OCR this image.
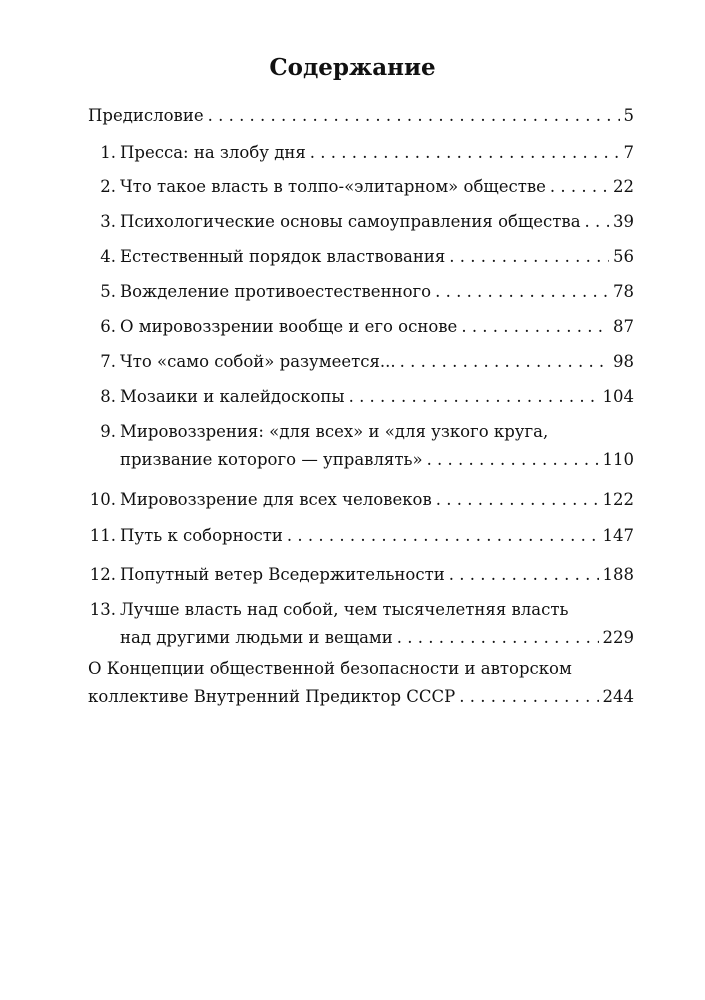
Содержание
Предисловие . . .	5
1. Пресса: на злобу дня . . .	7
2. Что такое власть в толпо-«элитарном» обществе . . .	22
3. Психологические основы самоуправления общества . . . 39
4. Естественный порядок властвования . . .	56
5. Вожделение противоестественного . . .	78
6. О мировоззрении вообще и его основе . . .	87
7. Что «само собой» разумеется... . . .	98
8. Мозаики и калейдоскопы . . .	104
9. Мировоззрения: «для всех» и «для узкого круга,
призвание которого — управлять» . . .	110
10. Мировоззрение для всех человеков . . .	122
11. Путь к соборности . . .	147
12. Попутный ветер Вседержительности . . .	188
13. Лучше власть над собой, чем тысячелетняя власть
над другими людьми и вещами . . .	229
О Концепции общественной безопасности и авторском
коллективе Внутренний Предиктор СССР . . .	244
